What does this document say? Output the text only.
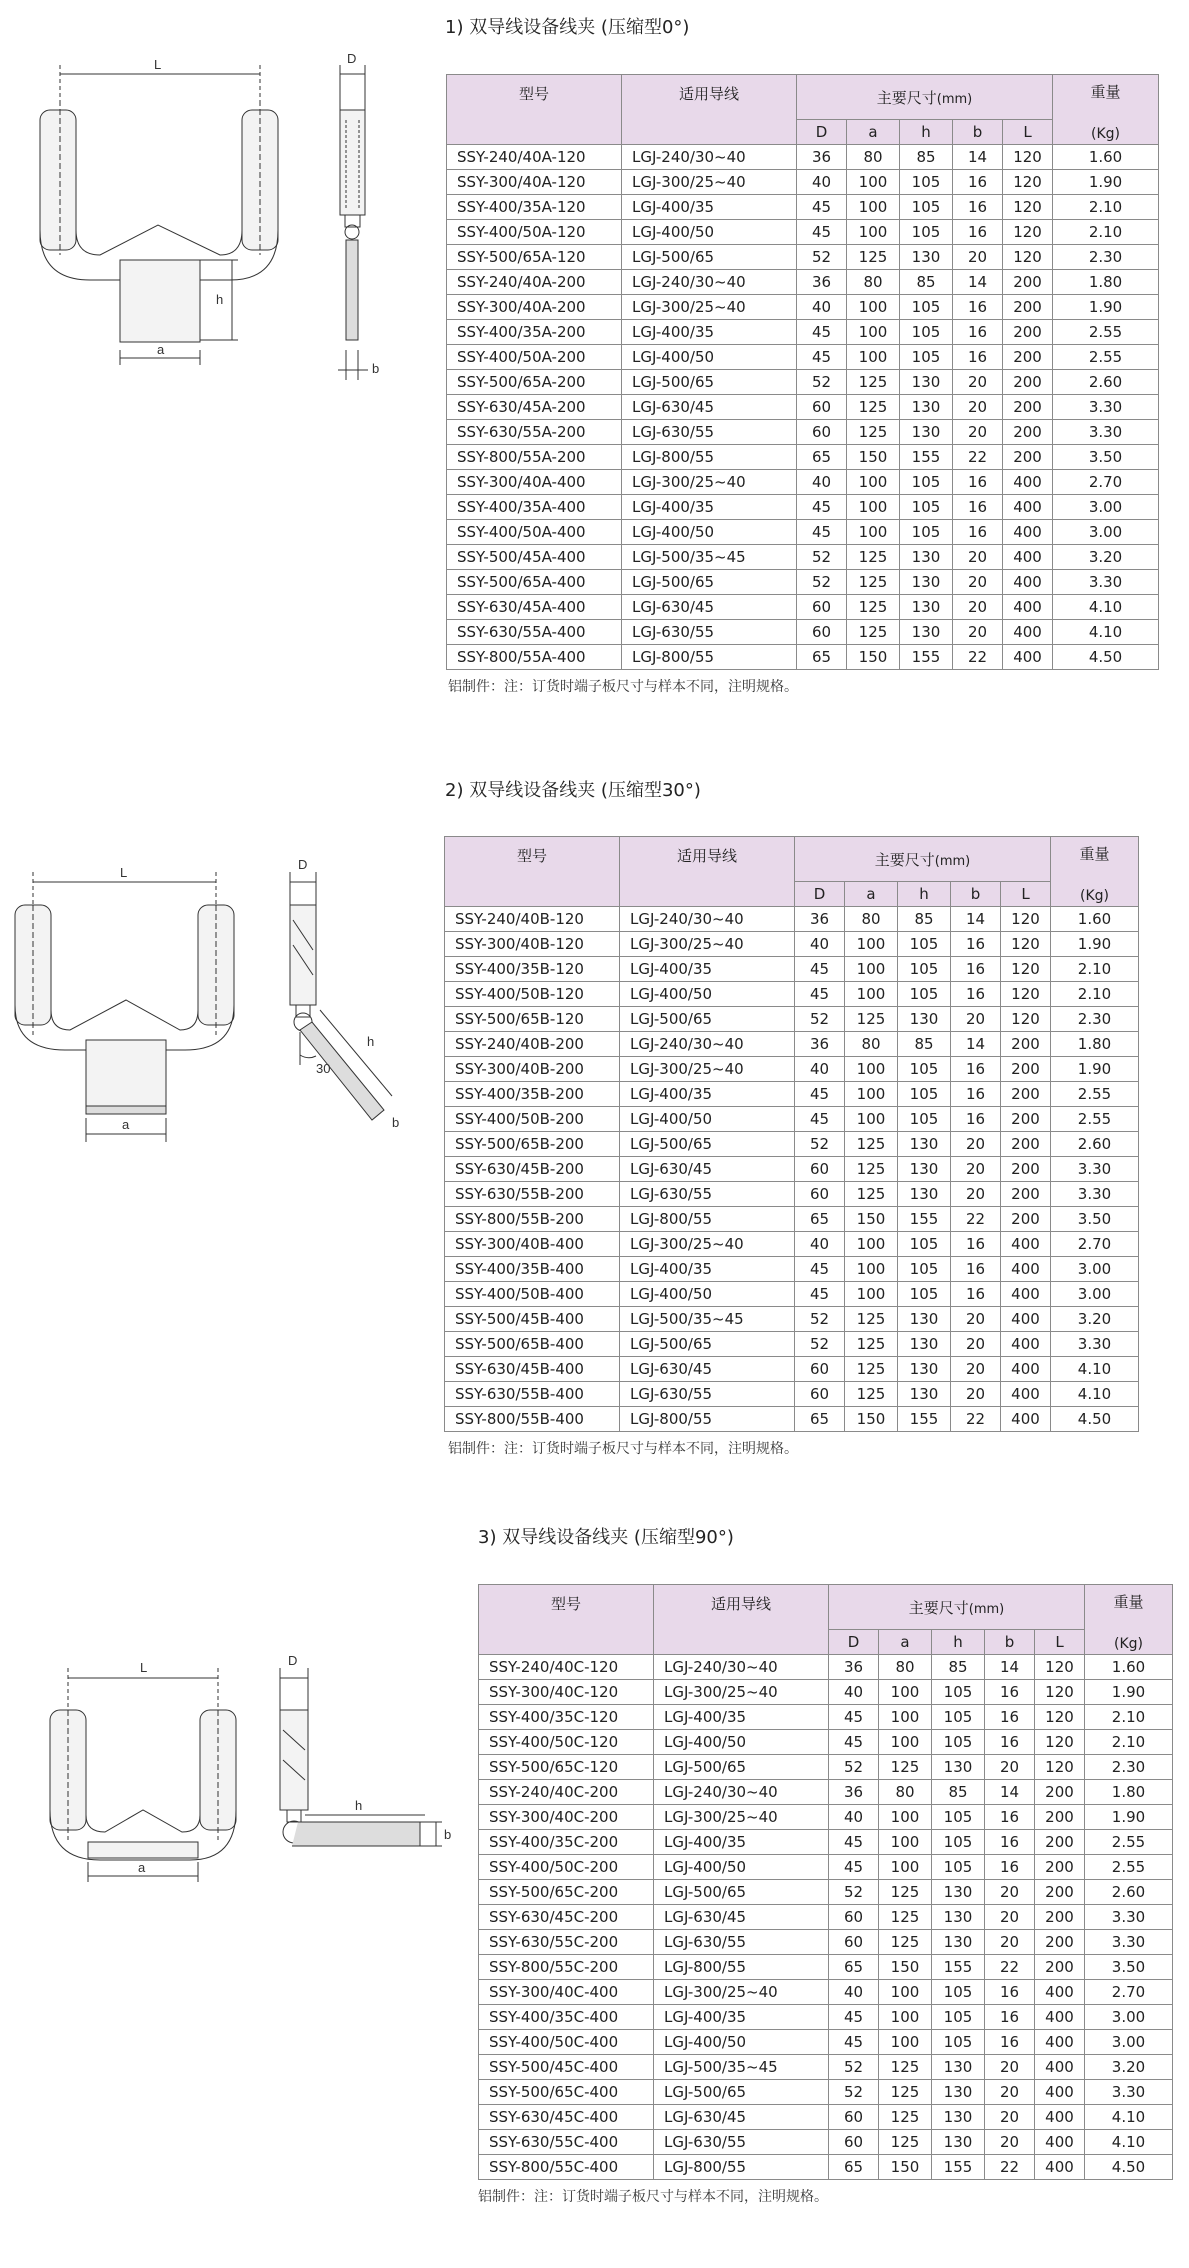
1) 双导线设备线夹 (压缩型0°)
L	D
h
a
b
型号	适用导线	主要尺寸(mm)					重量
(Kg)

		D	a	h	b	L	
SSY-240/40A-120	LGJ-240/30~40	36	80	85	14	120	1.60
SSY-300/40A-120	LGJ-300/25~40	40	100	105	16	120	1.90
SSY-400/35A-120	LGJ-400/35	45	100	105	16	120	2.10
SSY-400/50A-120	LGJ-400/50	45	100	105	16	120	2.10
SSY-500/65A-120	LGJ-500/65	52	125	130	20	120	2.30
SSY-240/40A-200	LGJ-240/30~40	36	80	85	14	200	1.80
SSY-300/40A-200	LGJ-300/25~40	40	100	105	16	200	1.90
SSY-400/35A-200	LGJ-400/35	45	100	105	16	200	2.55
SSY-400/50A-200	LGJ-400/50	45	100	105	16	200	2.55
SSY-500/65A-200	LGJ-500/65	52	125	130	20	200	2.60
SSY-630/45A-200	LGJ-630/45	60	125	130	20	200	3.30
SSY-630/55A-200	LGJ-630/55	60	125	130	20	200	3.30
SSY-800/55A-200	LGJ-800/55	65	150	155	22	200	3.50
SSY-300/40A-400	LGJ-300/25~40	40	100	105	16	400	2.70
SSY-400/35A-400	LGJ-400/35	45	100	105	16	400	3.00
SSY-400/50A-400	LGJ-400/50	45	100	105	16	400	3.00
SSY-500/45A-400	LGJ-500/35~45	52	125	130	20	400	3.20
SSY-500/65A-400	LGJ-500/65	52	125	130	20	400	3.30
SSY-630/45A-400	LGJ-630/45	60	125	130	20	400	4.10
SSY-630/55A-400	LGJ-630/55	60	125	130	20	400	4.10
SSY-800/55A-400	LGJ-800/55	65	150	155	22	400	4.50
铝制件：注：订货时端子板尺寸与样本不同，注明规格。
2) 双导线设备线夹 (压缩型30°)
L
D
h
30
b
a
型号	适用导线	主要尺寸(mm)					重量
(Kg)

		D	a	h	b	L	
SSY-240/40B-120	LGJ-240/30~40	36	80	85	14	120	1.60
SSY-300/40B-120	LGJ-300/25~40	40	100	105	16	120	1.90
SSY-400/35B-120	LGJ-400/35	45	100	105	16	120	2.10
SSY-400/50B-120	LGJ-400/50	45	100	105	16	120	2.10
SSY-500/65B-120	LGJ-500/65	52	125	130	20	120	2.30
SSY-240/40B-200	LGJ-240/30~40	36	80	85	14	200	1.80
SSY-300/40B-200	LGJ-300/25~40	40	100	105	16	200	1.90
SSY-400/35B-200	LGJ-400/35	45	100	105	16	200	2.55
SSY-400/50B-200	LGJ-400/50	45	100	105	16	200	2.55
SSY-500/65B-200	LGJ-500/65	52	125	130	20	200	2.60
SSY-630/45B-200	LGJ-630/45	60	125	130	20	200	3.30
SSY-630/55B-200	LGJ-630/55	60	125	130	20	200	3.30
SSY-800/55B-200	LGJ-800/55	65	150	155	22	200	3.50
SSY-300/40B-400	LGJ-300/25~40	40	100	105	16	400	2.70
SSY-400/35B-400	LGJ-400/35	45	100	105	16	400	3.00
SSY-400/50B-400	LGJ-400/50	45	100	105	16	400	3.00
SSY-500/45B-400	LGJ-500/35~45	52	125	130	20	400	3.20
SSY-500/65B-400	LGJ-500/65	52	125	130	20	400	3.30
SSY-630/45B-400	LGJ-630/45	60	125	130	20	400	4.10
SSY-630/55B-400	LGJ-630/55	60	125	130	20	400	4.10
SSY-800/55B-400	LGJ-800/55	65	150	155	22	400	4.50
铝制件：注：订货时端子板尺寸与样本不同，注明规格。
3) 双导线设备线夹 (压缩型90°)
L	D
h
b
a
型号	适用导线	主要尺寸(mm)					重量
(Kg)

		D	a	h	b	L	
SSY-240/40C-120	LGJ-240/30~40	36	80	85	14	120	1.60
SSY-300/40C-120	LGJ-300/25~40	40	100	105	16	120	1.90
SSY-400/35C-120	LGJ-400/35	45	100	105	16	120	2.10
SSY-400/50C-120	LGJ-400/50	45	100	105	16	120	2.10
SSY-500/65C-120	LGJ-500/65	52	125	130	20	120	2.30
SSY-240/40C-200	LGJ-240/30~40	36	80	85	14	200	1.80
SSY-300/40C-200	LGJ-300/25~40	40	100	105	16	200	1.90
SSY-400/35C-200	LGJ-400/35	45	100	105	16	200	2.55
SSY-400/50C-200	LGJ-400/50	45	100	105	16	200	2.55
SSY-500/65C-200	LGJ-500/65	52	125	130	20	200	2.60
SSY-630/45C-200	LGJ-630/45	60	125	130	20	200	3.30
SSY-630/55C-200	LGJ-630/55	60	125	130	20	200	3.30
SSY-800/55C-200	LGJ-800/55	65	150	155	22	200	3.50
SSY-300/40C-400	LGJ-300/25~40	40	100	105	16	400	2.70
SSY-400/35C-400	LGJ-400/35	45	100	105	16	400	3.00
SSY-400/50C-400	LGJ-400/50	45	100	105	16	400	3.00
SSY-500/45C-400	LGJ-500/35~45	52	125	130	20	400	3.20
SSY-500/65C-400	LGJ-500/65	52	125	130	20	400	3.30
SSY-630/45C-400	LGJ-630/45	60	125	130	20	400	4.10
SSY-630/55C-400	LGJ-630/55	60	125	130	20	400	4.10
SSY-800/55C-400	LGJ-800/55	65	150	155	22	400	4.50
铝制件：注：订货时端子板尺寸与样本不同，注明规格。
